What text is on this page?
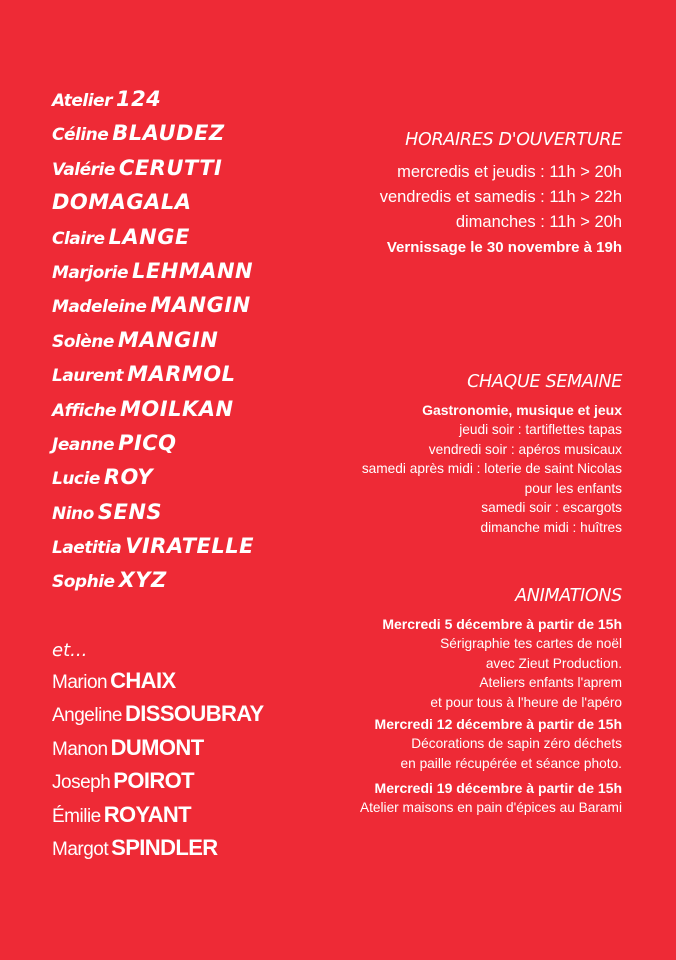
Atelier 124
Céline BLAUDEZ
Valérie CERUTTI
DOMAGALA
Claire LANGE
Marjorie LEHMANN
Madeleine MANGIN
Solène MANGIN
Laurent MARMOL
Affiche MOILKAN
Jeanne PICQ
Lucie ROY
Nino SENS
Laetitia VIRATELLE
Sophie XYZ
et...
Marion CHAIX
Angeline DISSOUBRAY
Manon DUMONT
Joseph POIROT
Émilie ROYANT
Margot SPINDLER
HORAIRES D'OUVERTURE
mercredis et jeudis : 11h > 20h
vendredis et samedis : 11h > 22h
dimanches : 11h > 20h
Vernissage le 30 novembre à 19h
CHAQUE SEMAINE
Gastronomie, musique et jeux
jeudi soir : tartiflettes tapas
vendredi soir : apéros musicaux
samedi après midi : loterie de saint Nicolas
pour les enfants
samedi soir : escargots
dimanche midi : huîtres
ANIMATIONS
Mercredi 5 décembre à partir de 15h
Sérigraphie tes cartes de noël
avec Zieut Production.
Ateliers enfants l'aprem
et pour tous à l'heure de l'apéro
Mercredi 12 décembre à partir de 15h
Décorations de sapin zéro déchets
en paille récupérée et séance photo.
Mercredi 19 décembre à partir de 15h
Atelier maisons en pain d'épices au Barami
